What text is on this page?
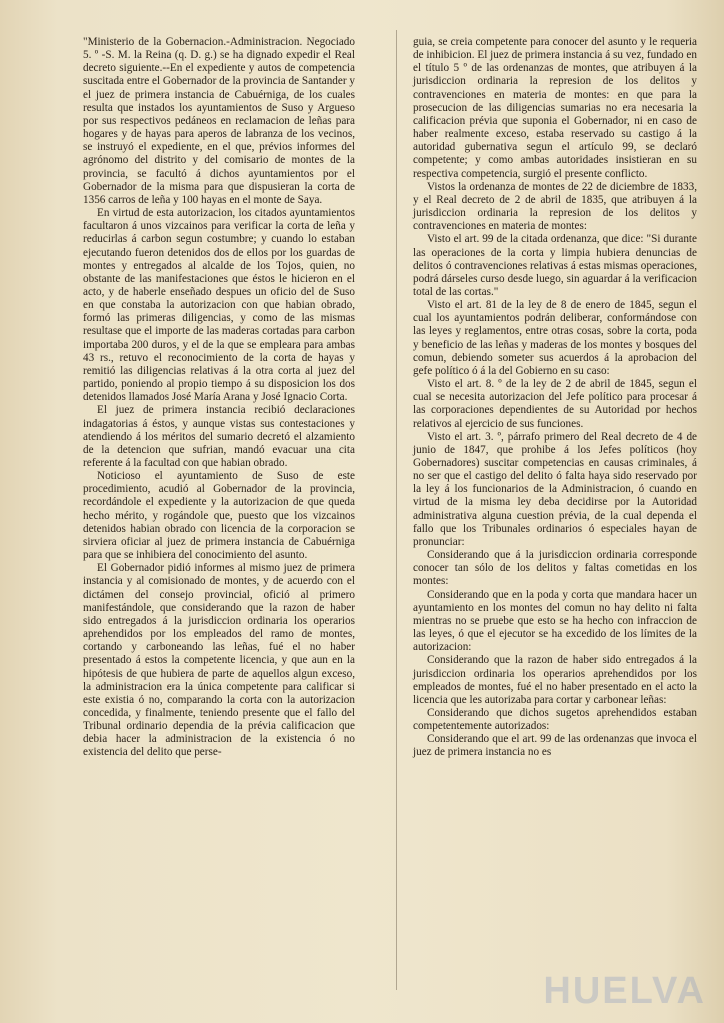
"Ministerio de la Gobernacion.-Administracion. Negociado 5. º -S. M. la Reina (q. D. g.) se ha dignado expedir el Real decreto siguiente.--En el expediente y autos de competencia suscitada entre el Gobernador de la provincia de Santander y el juez de primera instancia de Cabuérniga, de los cuales resulta que instados los ayuntamientos de Suso y Argueso por sus respectivos pedáneos en reclamacion de leñas para hogares y de hayas para aperos de labranza de los vecinos, se instruyó el expediente, en el que, prévios informes del agrónomo del distrito y del comisario de montes de la provincia, se facultó á dichos ayuntamientos por el Gobernador de la misma para que dispusieran la corta de 1356 carros de leña y 100 hayas en el monte de Saya.

En virtud de esta autorizacion, los citados ayuntamientos facultaron á unos vizcainos para verificar la corta de leña y reducirlas á carbon segun costumbre; y cuando lo estaban ejecutando fueron detenidos dos de ellos por los guardas de montes y entregados al alcalde de los Tojos, quien, no obstante de las manifestaciones que éstos le hicieron en el acto, y de haberle enseñado despues un oficio del de Suso en que constaba la autorizacion con que habian obrado, formó las primeras diligencias, y como de las mismas resultase que el importe de las maderas cortadas para carbon importaba 200 duros, y el de la que se empleara para ambas 43 rs., retuvo el reconocimiento de la corta de hayas y remitió las diligencias relativas á la otra corta al juez del partido, poniendo al propio tiempo á su disposicion los dos detenidos llamados José María Arana y José Ignacio Corta.

El juez de primera instancia recibió declaraciones indagatorias á éstos, y aunque vistas sus contestaciones y atendiendo á los méritos del sumario decretó el alzamiento de la detencion que sufrian, mandó evacuar una cita referente á la facultad con que habian obrado.

Noticioso el ayuntamiento de Suso de este procedimiento, acudió al Gobernador de la provincia, recordándole el expediente y la autorizacion de que queda hecho mérito, y rogándole que, puesto que los vizcainos detenidos habian obrado con licencia de la corporacion se sirviera oficiar al juez de primera instancia de Cabuérniga para que se inhibiera del conocimiento del asunto.

El Gobernador pidió informes al mismo juez de primera instancia y al comisionado de montes, y de acuerdo con el dictámen del consejo provincial, ofició al primero manifestándole, que considerando que la razon de haber sido entregados á la jurisdiccion ordinaria los operarios aprehendidos por los empleados del ramo de montes, cortando y carboneando las leñas, fué el no haber presentado á estos la competente licencia, y que aun en la hipótesis de que hubiera de parte de aquellos algun exceso, la administracion era la única competente para calificar si este existia ó no, comparando la corta con la autorizacion concedida, y finalmente, teniendo presente que el fallo del Tribunal ordinario dependia de la prévia calificacion que debia hacer la administracion de la existencia ó no existencia del delito que perse-

guia, se creia competente para conocer del asunto y le requeria de inhibicion. El juez de primera instancia á su vez, fundado en el título 5 º de las ordenanzas de montes, que atribuyen á la jurisdiccion ordinaria la represion de los delitos y contravenciones en materia de montes: en que para la prosecucion de las diligencias sumarias no era necesaria la calificacion prévia que suponia el Gobernador, ni en caso de haber realmente exceso, estaba reservado su castigo á la autoridad gubernativa segun el artículo 99, se declaró competente; y como ambas autoridades insistieran en su respectiva competencia, surgió el presente conflicto.

Vistos la ordenanza de montes de 22 de diciembre de 1833, y el Real decreto de 2 de abril de 1835, que atribuyen á la jurisdiccion ordinaria la represion de los delitos y contravenciones en materia de montes:

Visto el art. 99 de la citada ordenanza, que dice: "Si durante las operaciones de la corta y limpia hubiera denuncias de delitos ó contravenciones relativas á estas mismas operaciones, podrá dárseles curso desde luego, sin aguardar á la verificacion total de las cortas."

Visto el art. 81 de la ley de 8 de enero de 1845, segun el cual los ayuntamientos podrán deliberar, conformándose con las leyes y reglamentos, entre otras cosas, sobre la corta, poda y beneficio de las leñas y maderas de los montes y bosques del comun, debiendo someter sus acuerdos á la aprobacion del gefe político ó á la del Gobierno en su caso:

Visto el art. 8. º de la ley de 2 de abril de 1845, segun el cual se necesita autorizacion del Jefe político para procesar á las corporaciones dependientes de su Autoridad por hechos relativos al ejercicio de sus funciones.

Visto el art. 3. º, párrafo primero del Real decreto de 4 de junio de 1847, que prohibe á los Jefes políticos (hoy Gobernadores) suscitar competencias en causas criminales, á no ser que el castigo del delito ó falta haya sido reservado por la ley á los funcionarios de la Administracion, ó cuando en virtud de la misma ley deba decidirse por la Autoridad administrativa alguna cuestion prévia, de la cual dependa el fallo que los Tribunales ordinarios ó especiales hayan de pronunciar:

Considerando que á la jurisdiccion ordinaria corresponde conocer tan sólo de los delitos y faltas cometidas en los montes:

Considerando que en la poda y corta que mandara hacer un ayuntamiento en los montes del comun no hay delito ni falta mientras no se pruebe que esto se ha hecho con infraccion de las leyes, ó que el ejecutor se ha excedido de los límites de la autorizacion:

Considerando que la razon de haber sido entregados á la jurisdiccion ordinaria los operarios aprehendidos por los empleados de montes, fué el no haber presentado en el acto la licencia que les autorizaba para cortar y carbonear leñas:

Considerando que dichos sugetos aprehendidos estaban competentemente autorizados:

Considerando que el art. 99 de las ordenanzas que invoca el juez de primera instancia no es

HUELVA
